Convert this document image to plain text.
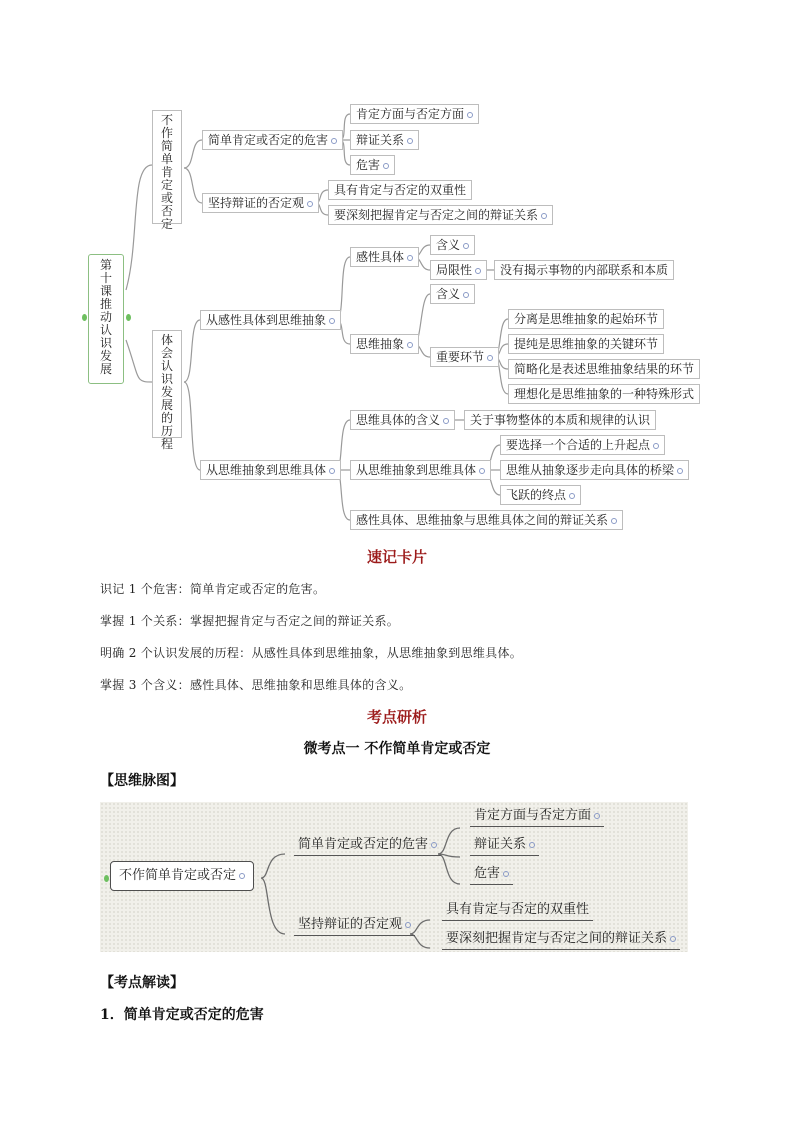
第十课 推动认识发展
不作简单肯定或否定
简单肯定或否定的危害
肯定方面与否定方面
辩证关系
危害
坚持辩证的否定观
具有肯定与否定的双重性
要深刻把握肯定与否定之间的辩证关系
体会认识发展的历程
从感性具体到思维抽象
感性具体
含义
局限性	没有揭示事物的内部联系和本质
思维抽象
含义
重要环节
分离是思维抽象的起始环节
提纯是思维抽象的关键环节
简略化是表述思维抽象结果的环节
理想化是思维抽象的一种特殊形式
从思维抽象到思维具体
思维具体的含义	关于事物整体的本质和规律的认识
从思维抽象到思维具体
要选择一个合适的上升起点
思维从抽象逐步走向具体的桥梁
飞跃的终点
感性具体、思维抽象与思维具体之间的辩证关系
速记卡片
识记 1 个危害：简单肯定或否定的危害。
掌握 1 个关系：掌握把握肯定与否定之间的辩证关系。
明确 2 个认识发展的历程：从感性具体到思维抽象，从思维抽象到思维具体。
掌握 3 个含义：感性具体、思维抽象和思维具体的含义。
考点研析
微考点一 不作简单肯定或否定
【思维脉图】
不作简单肯定或否定
简单肯定或否定的危害
肯定方面与否定方面
辩证关系
危害
坚持辩证的否定观
具有肯定与否定的双重性
要深刻把握肯定与否定之间的辩证关系
【考点解读】
1．简单肯定或否定的危害
